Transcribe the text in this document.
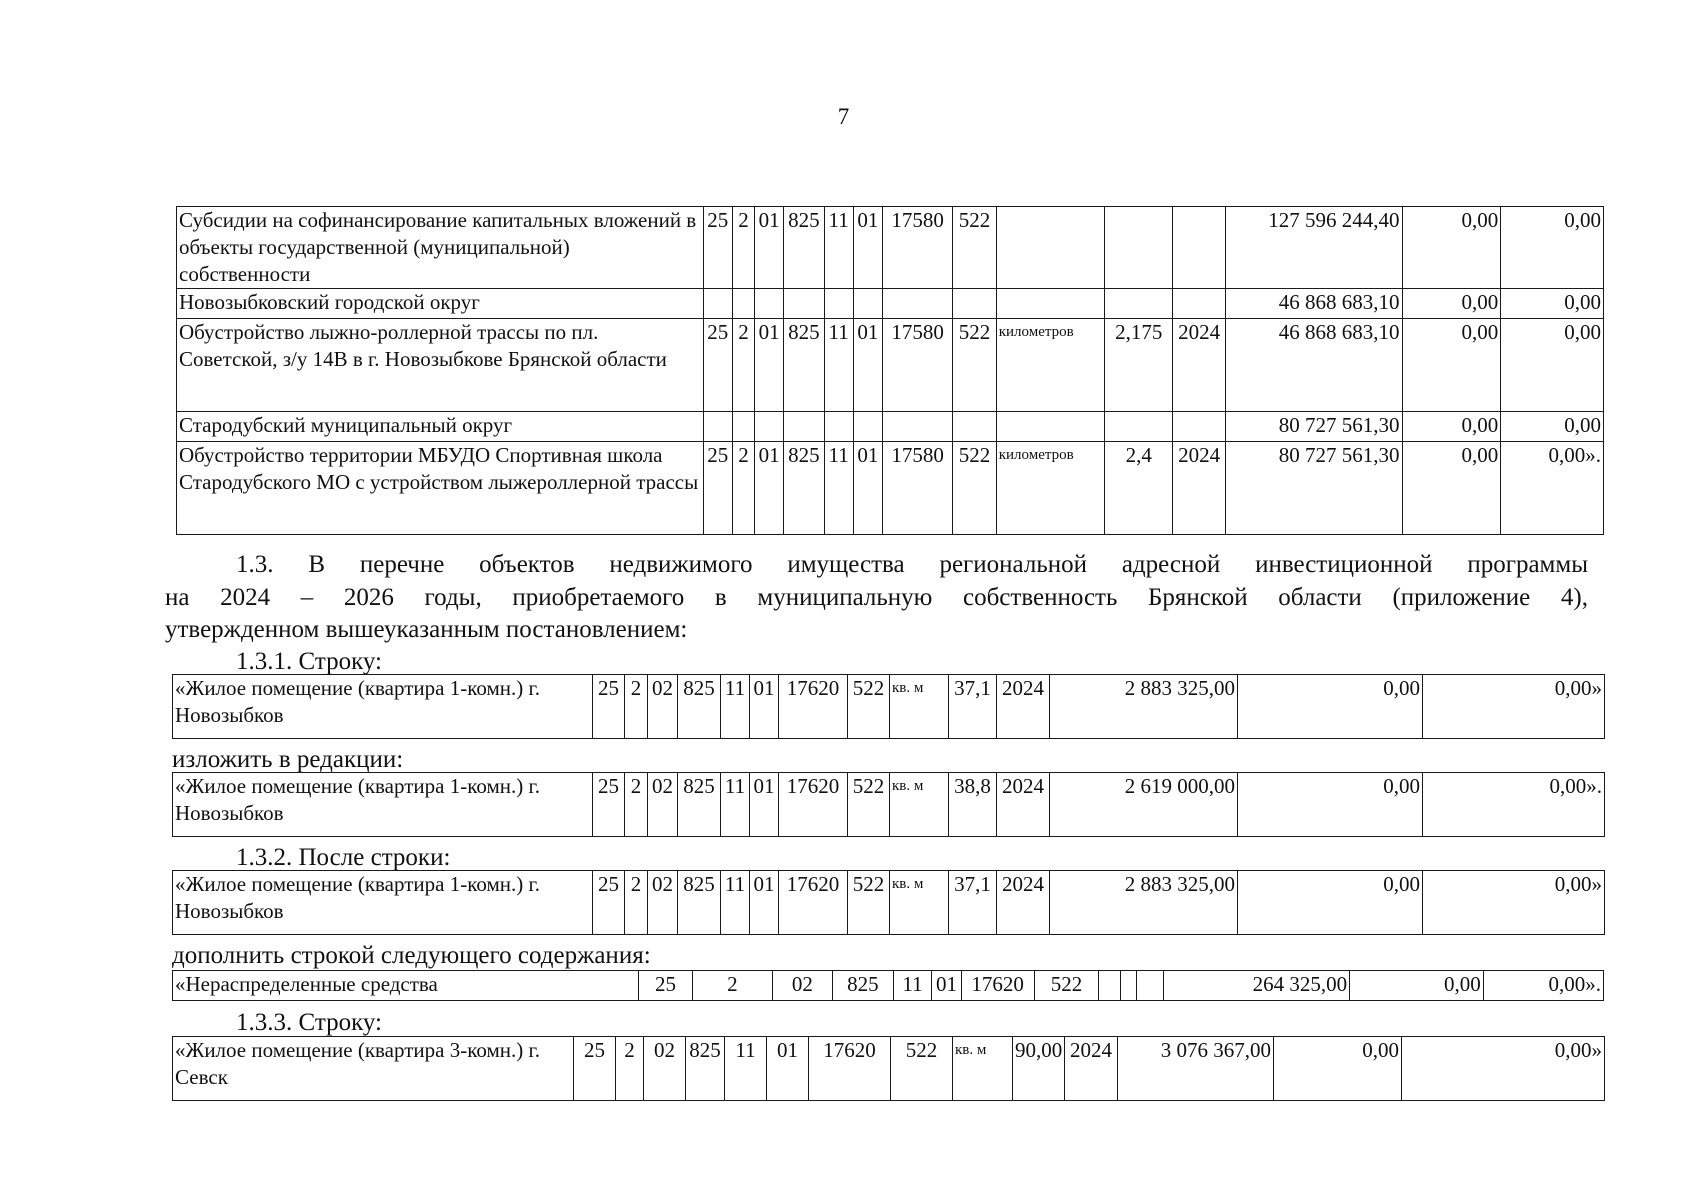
7
Субсидии на софинансирование капитальных вложений в объекты государственной (муниципальной) собственности	25	2	01	825	11	01	17580	522				127 596 244,40	0,00	0,00
Новозыбковский городской округ												46 868 683,10	0,00	0,00
Обустройство лыжно-роллерной трассы по пл. Советской, з/у 14В в г. Новозыбкове Брянской области	25	2	01	825	11	01	17580	522	километров	2,175	2024	46 868 683,10	0,00	0,00
Стародубский муниципальный округ												80 727 561,30	0,00	0,00
Обустройство территории МБУДО Спортивная школа Стародубского МО с устройством лыжероллерной трассы	25	2	01	825	11	01	17580	522	километров	2,4	2024	80 727 561,30	0,00	0,00».
1.3. В перечне объектов недвижимого имущества региональной адресной инвестиционной программы
на 2024 – 2026 годы, приобретаемого в муниципальную собственность Брянской области (приложение 4),
утвержденном вышеуказанным постановлением:
1.3.1. Строку:
«Жилое помещение (квартира 1-комн.) г. Новозыбков	25	2	02	825	11	01	17620	522	кв. м	37,1	2024	2 883 325,00	0,00	0,00»
изложить в редакции:
«Жилое помещение (квартира 1-комн.) г. Новозыбков	25	2	02	825	11	01	17620	522	кв. м	38,8	2024	2 619 000,00	0,00	0,00».
1.3.2. После строки:
«Жилое помещение (квартира 1-комн.) г. Новозыбков	25	2	02	825	11	01	17620	522	кв. м	37,1	2024	2 883 325,00	0,00	0,00»
дополнить строкой следующего содержания:
«Нераспределенные средства	25	2	02	825	11	01	17620	522				264 325,00	0,00	0,00».
1.3.3. Строку:
«Жилое помещение (квартира 3-комн.) г. Севск	25	2	02	825	11	01	17620	522	кв. м	90,00	2024	3 076 367,00	0,00	0,00»
